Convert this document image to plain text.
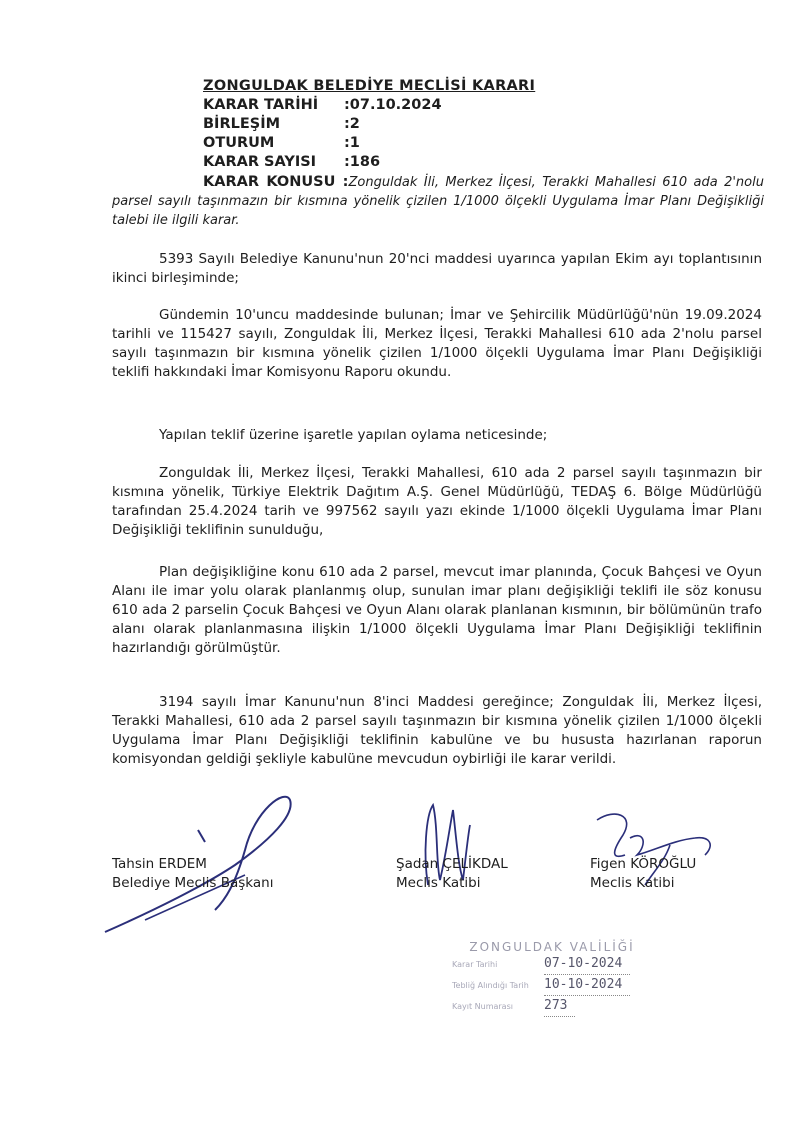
ZONGULDAK BELEDİYE MECLİSİ KARARI
KARAR TARİHİ	:07.10.2024
BİRLEŞİM	:2
OTURUM	:1
KARAR SAYISI	:186
KARAR KONUSU :Zonguldak İli, Merkez İlçesi, Terakki Mahallesi 610 ada 2'nolu parsel sayılı taşınmazın bir kısmına yönelik çizilen 1/1000 ölçekli Uygulama İmar Planı Değişikliği talebi ile ilgili karar.

5393 Sayılı Belediye Kanunu'nun 20'nci maddesi uyarınca yapılan Ekim ayı toplantısının ikinci birleşiminde;

Gündemin 10'uncu maddesinde bulunan; İmar ve Şehircilik Müdürlüğü'nün 19.09.2024 tarihli ve 115427 sayılı, Zonguldak İli, Merkez İlçesi, Terakki Mahallesi 610 ada 2'nolu parsel sayılı taşınmazın bir kısmına yönelik çizilen 1/1000 ölçekli Uygulama İmar Planı Değişikliği teklifi hakkındaki İmar Komisyonu Raporu okundu.

Yapılan teklif üzerine işaretle yapılan oylama neticesinde;

Zonguldak İli, Merkez İlçesi, Terakki Mahallesi, 610 ada 2 parsel sayılı taşınmazın bir kısmına yönelik, Türkiye Elektrik Dağıtım A.Ş. Genel Müdürlüğü, TEDAŞ 6. Bölge Müdürlüğü tarafından 25.4.2024 tarih ve 997562 sayılı yazı ekinde 1/1000 ölçekli Uygulama İmar Planı Değişikliği teklifinin sunulduğu,

Plan değişikliğine konu 610 ada 2 parsel, mevcut imar planında, Çocuk Bahçesi ve Oyun Alanı ile imar yolu olarak planlanmış olup, sunulan imar planı değişikliği teklifi ile söz konusu 610 ada 2 parselin Çocuk Bahçesi ve Oyun Alanı olarak planlanan kısmının, bir bölümünün trafo alanı olarak planlanmasına ilişkin 1/1000 ölçekli Uygulama İmar Planı Değişikliği teklifinin hazırlandığı görülmüştür.

3194 sayılı İmar Kanunu'nun 8'inci Maddesi gereğince; Zonguldak İli, Merkez İlçesi, Terakki Mahallesi, 610 ada 2 parsel sayılı taşınmazın bir kısmına yönelik çizilen 1/1000 ölçekli Uygulama İmar Planı Değişikliği teklifinin kabulüne ve bu hususta hazırlanan raporun komisyondan geldiği şekliyle kabulüne mevcudun oybirliği ile karar verildi.

Tahsin ERDEM
Belediye Meclis Başkanı
Şadan ÇELİKDAL
Meclis Katibi
Figen KÖROĞLU
Meclis Katibi
ZONGULDAK VALİLİĞİ
Karar Tarihi	07-10-2024
Tebliğ Alındığı Tarih	10-10-2024
Kayıt Numarası	273
